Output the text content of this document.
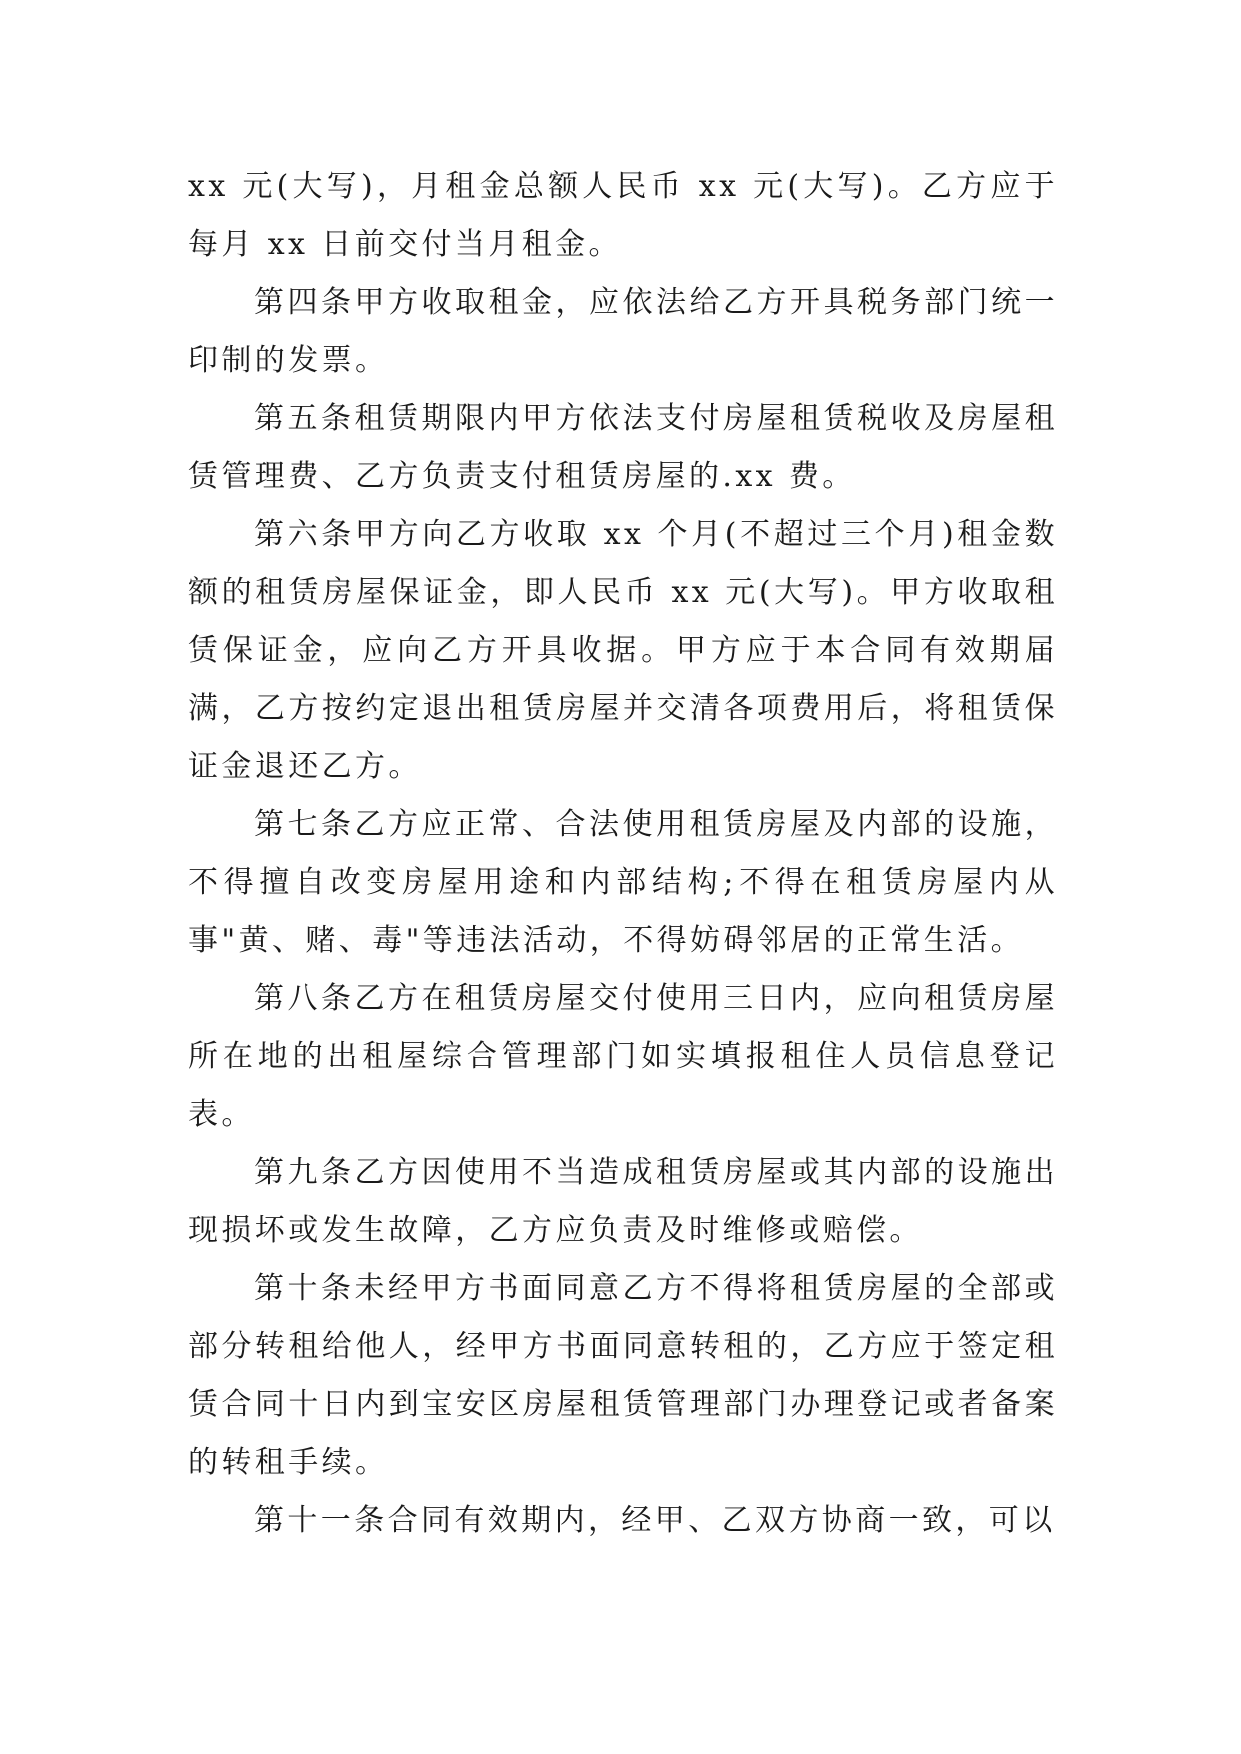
xx 元(大写)，月租金总额人民币 xx 元(大写)。乙方应于每月 xx 日前交付当月租金。

第四条甲方收取租金，应依法给乙方开具税务部门统一印制的发票。

第五条租赁期限内甲方依法支付房屋租赁税收及房屋租赁管理费、乙方负责支付租赁房屋的.xx 费。

第六条甲方向乙方收取 xx 个月(不超过三个月)租金数额的租赁房屋保证金，即人民币 xx 元(大写)。甲方收取租赁保证金，应向乙方开具收据。甲方应于本合同有效期届满，乙方按约定退出租赁房屋并交清各项费用后，将租赁保证金退还乙方。

第七条乙方应正常、合法使用租赁房屋及内部的设施，不得擅自改变房屋用途和内部结构;不得在租赁房屋内从事"黄、赌、毒"等违法活动，不得妨碍邻居的正常生活。

第八条乙方在租赁房屋交付使用三日内，应向租赁房屋所在地的出租屋综合管理部门如实填报租住人员信息登记表。

第九条乙方因使用不当造成租赁房屋或其内部的设施出现损坏或发生故障，乙方应负责及时维修或赔偿。

第十条未经甲方书面同意乙方不得将租赁房屋的全部或部分转租给他人，经甲方书面同意转租的，乙方应于签定租赁合同十日内到宝安区房屋租赁管理部门办理登记或者备案的转租手续。

第十一条合同有效期内，经甲、乙双方协商一致，可以
